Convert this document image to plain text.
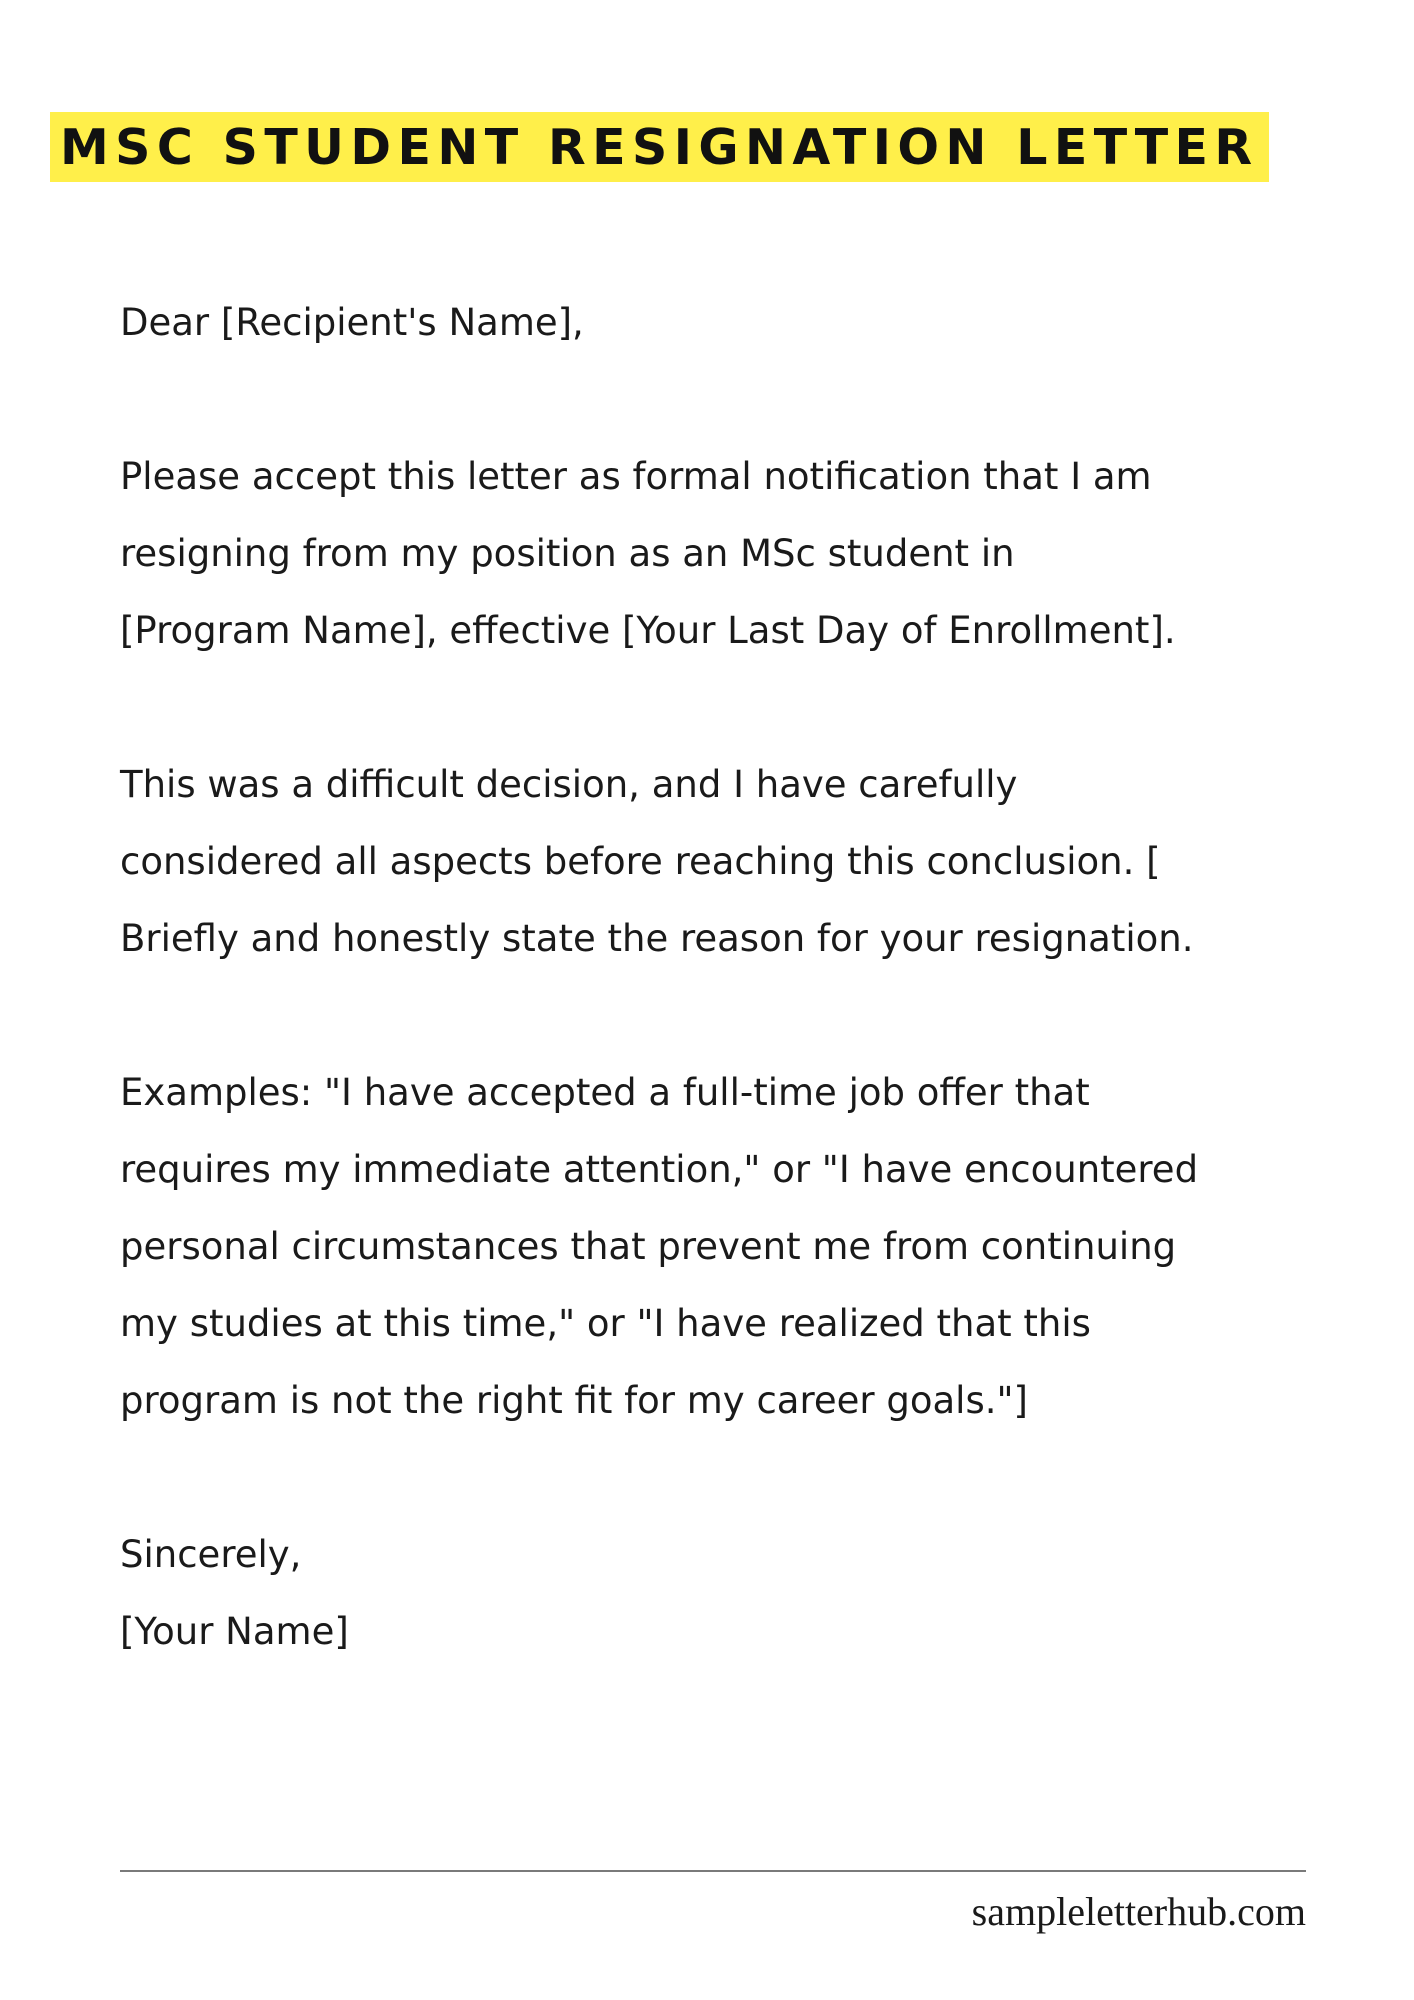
MSC STUDENT RESIGNATION LETTER
Dear [Recipient's Name],
Please accept this letter as formal notification that I am
resigning from my position as an MSc student in
[Program Name], effective [Your Last Day of Enrollment].
This was a difficult decision, and I have carefully
considered all aspects before reaching this conclusion. [
Briefly and honestly state the reason for your resignation.
Examples: "I have accepted a full-time job offer that
requires my immediate attention," or "I have encountered
personal circumstances that prevent me from continuing
my studies at this time," or "I have realized that this
program is not the right fit for my career goals."]
Sincerely,
[Your Name]
sampleletterhub.com
